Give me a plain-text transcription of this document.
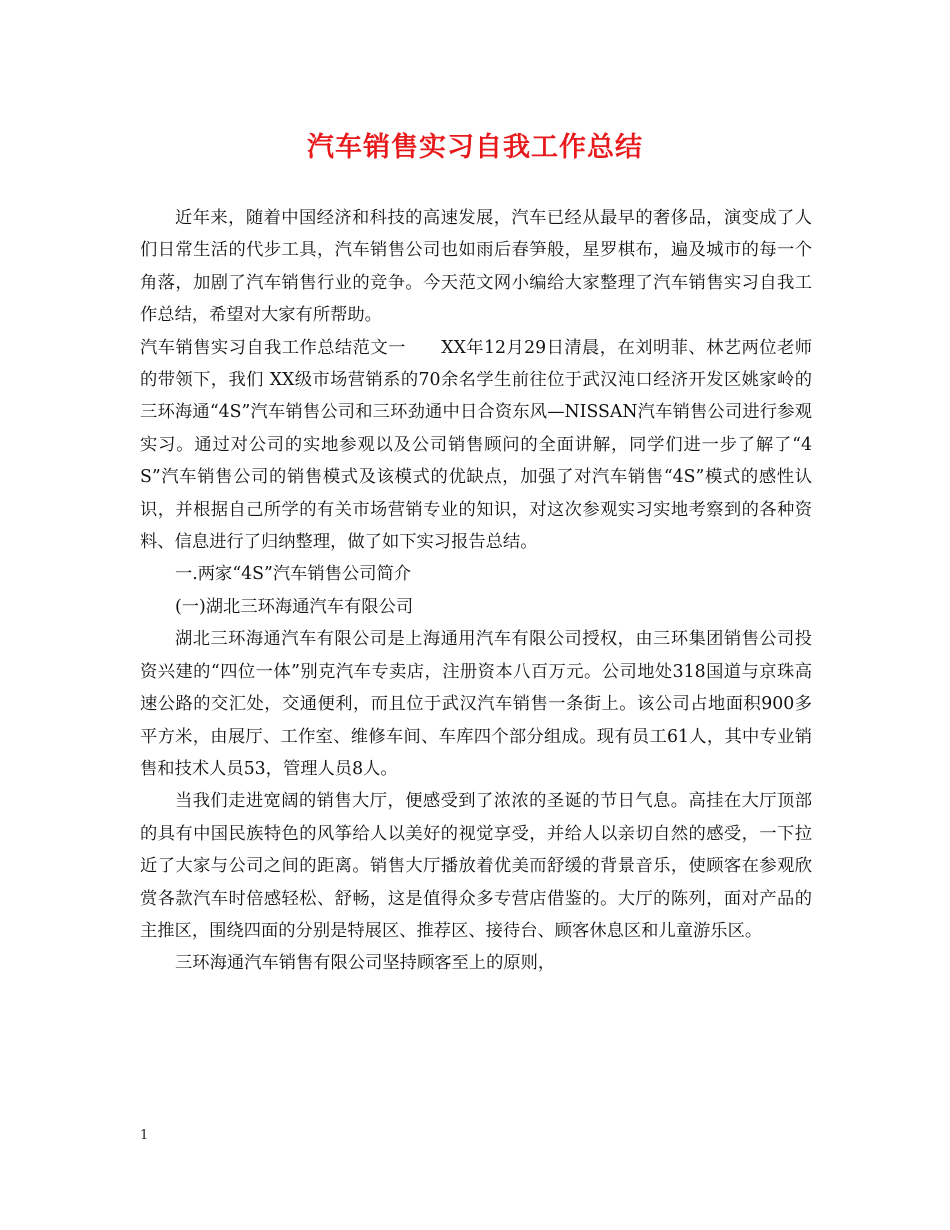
汽车销售实习自我工作总结

近年来，随着中国经济和科技的高速发展，汽车已经从最早的奢侈品，演变成了人们日常生活的代步工具，汽车销售公司也如雨后春笋般，星罗棋布，遍及城市的每一个角落，加剧了汽车销售行业的竞争。今天范文网小编给大家整理了汽车销售实习自我工作总结，希望对大家有所帮助。

汽车销售实习自我工作总结范文一　　XX年12月29日清晨，在刘明菲、林艺两位老师的带领下，我们 XX级市场营销系的70余名学生前往位于武汉沌口经济开发区姚家岭的三环海通“4S”汽车销售公司和三环劲通中日合资东风—NISSAN汽车销售公司进行参观实习。通过对公司的实地参观以及公司销售顾问的全面讲解，同学们进一步了解了“4S”汽车销售公司的销售模式及该模式的优缺点，加强了对汽车销售“4S”模式的感性认识，并根据自己所学的有关市场营销专业的知识，对这次参观实习实地考察到的各种资料、信息进行了归纳整理，做了如下实习报告总结。

一.两家“4S”汽车销售公司简介

(一)湖北三环海通汽车有限公司

湖北三环海通汽车有限公司是上海通用汽车有限公司授权，由三环集团销售公司投资兴建的“四位一体”别克汽车专卖店，注册资本八百万元。公司地处318国道与京珠高速公路的交汇处，交通便利，而且位于武汉汽车销售一条街上。该公司占地面积900多平方米，由展厅、工作室、维修车间、车库四个部分组成。现有员工61人，其中专业销售和技术人员53，管理人员8人。

当我们走进宽阔的销售大厅，便感受到了浓浓的圣诞的节日气息。高挂在大厅顶部的具有中国民族特色的风筝给人以美好的视觉享受，并给人以亲切自然的感受，一下拉近了大家与公司之间的距离。销售大厅播放着优美而舒缓的背景音乐，使顾客在参观欣赏各款汽车时倍感轻松、舒畅，这是值得众多专营店借鉴的。大厅的陈列，面对产品的主推区，围绕四面的分别是特展区、推荐区、接待台、顾客休息区和儿童游乐区。

三环海通汽车销售有限公司坚持顾客至上的原则，

1
